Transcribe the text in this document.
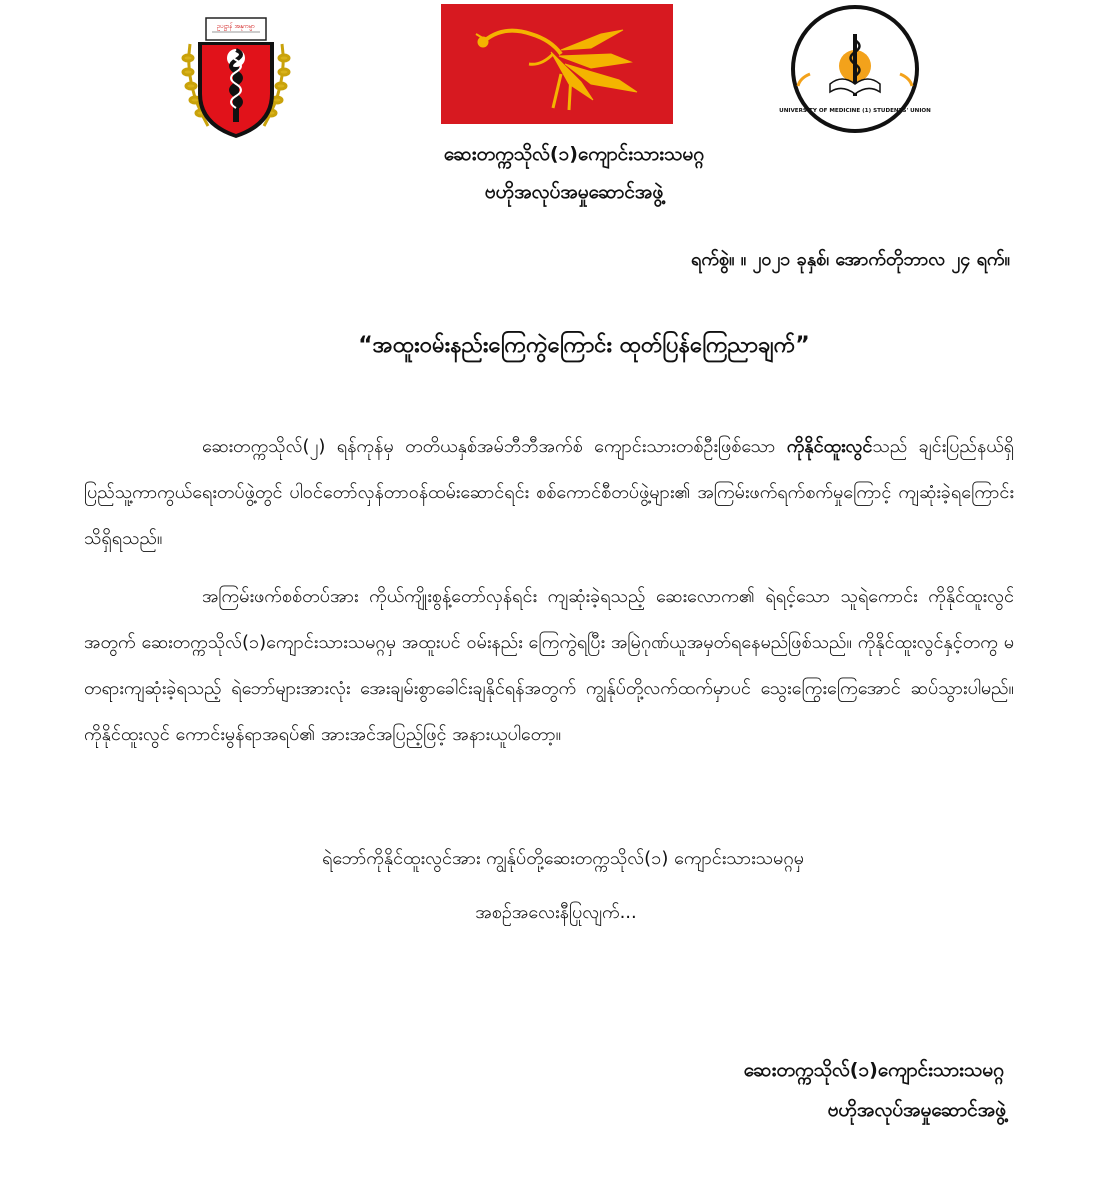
ဥပဋ္ဌာန် အနုကမ္ပာ
UNIVERSITY OF MEDICINE (1) STUDENTS' UNION
ဆေးတက္ကသိုလ်(၁)ကျောင်းသားသမဂ္ဂ
ဗဟိုအလုပ်အမှုဆောင်အဖွဲ့
ရက်စွဲ။ ။ ၂၀၂၁ ခုနှစ်၊ အောက်တိုဘာလ ၂၄ ရက်။
“အထူးဝမ်းနည်းကြေကွဲကြောင်း ထုတ်ပြန်ကြေညာချက်”

ဆေးတက္ကသိုလ်(၂) ရန်ကုန်မှ တတိယနှစ်အမ်ဘီဘီအက်စ် ကျောင်းသားတစ်ဦးဖြစ်သော ကိုနိုင်ထူးလွင်သည် ချင်းပြည်နယ်ရှိပြည်သူ့ကာကွယ်ရေးတပ်ဖွဲ့တွင် ပါဝင်တော်လှန်တာဝန်ထမ်းဆောင်ရင်း စစ်ကောင်စီတပ်ဖွဲ့များ၏ အကြမ်းဖက်ရက်စက်မှုကြောင့် ကျဆုံးခဲ့ရကြောင်း သိရှိရသည်။

အကြမ်းဖက်စစ်တပ်အား ကိုယ်ကျိုးစွန့်တော်လှန်ရင်း ကျဆုံးခဲ့ရသည့် ဆေးလောက၏ ရဲရင့်သော သူရဲကောင်း ကိုနိုင်ထူးလွင်အတွက် ဆေးတက္ကသိုလ်(၁)ကျောင်းသားသမဂ္ဂမှ အထူးပင် ဝမ်းနည်း ကြေကွဲရပြီး အမြဲဂုဏ်ယူအမှတ်ရနေမည်ဖြစ်သည်။ ကိုနိုင်ထူးလွင်နှင့်တကွ မတရားကျဆုံးခဲ့ရသည့် ရဲဘော်များအားလုံး အေးချမ်းစွာခေါင်းချနိုင်ရန်အတွက် ကျွန်ုပ်တို့လက်ထက်မှာပင် သွေးကြွေးကြေအောင် ဆပ်သွားပါမည်။ ကိုနိုင်ထူးလွင် ကောင်းမွန်ရာအရပ်၏ အားအင်အပြည့်ဖြင့် အနားယူပါတော့။

ရဲဘော်ကိုနိုင်ထူးလွင်အား ကျွန်ုပ်တို့ဆေးတက္ကသိုလ်(၁) ကျောင်းသားသမဂ္ဂမှ
အစဉ်အလေးနီပြုလျက်...
ဆေးတက္ကသိုလ်(၁)ကျောင်းသားသမဂ္ဂ
ဗဟိုအလုပ်အမှုဆောင်အဖွဲ့
